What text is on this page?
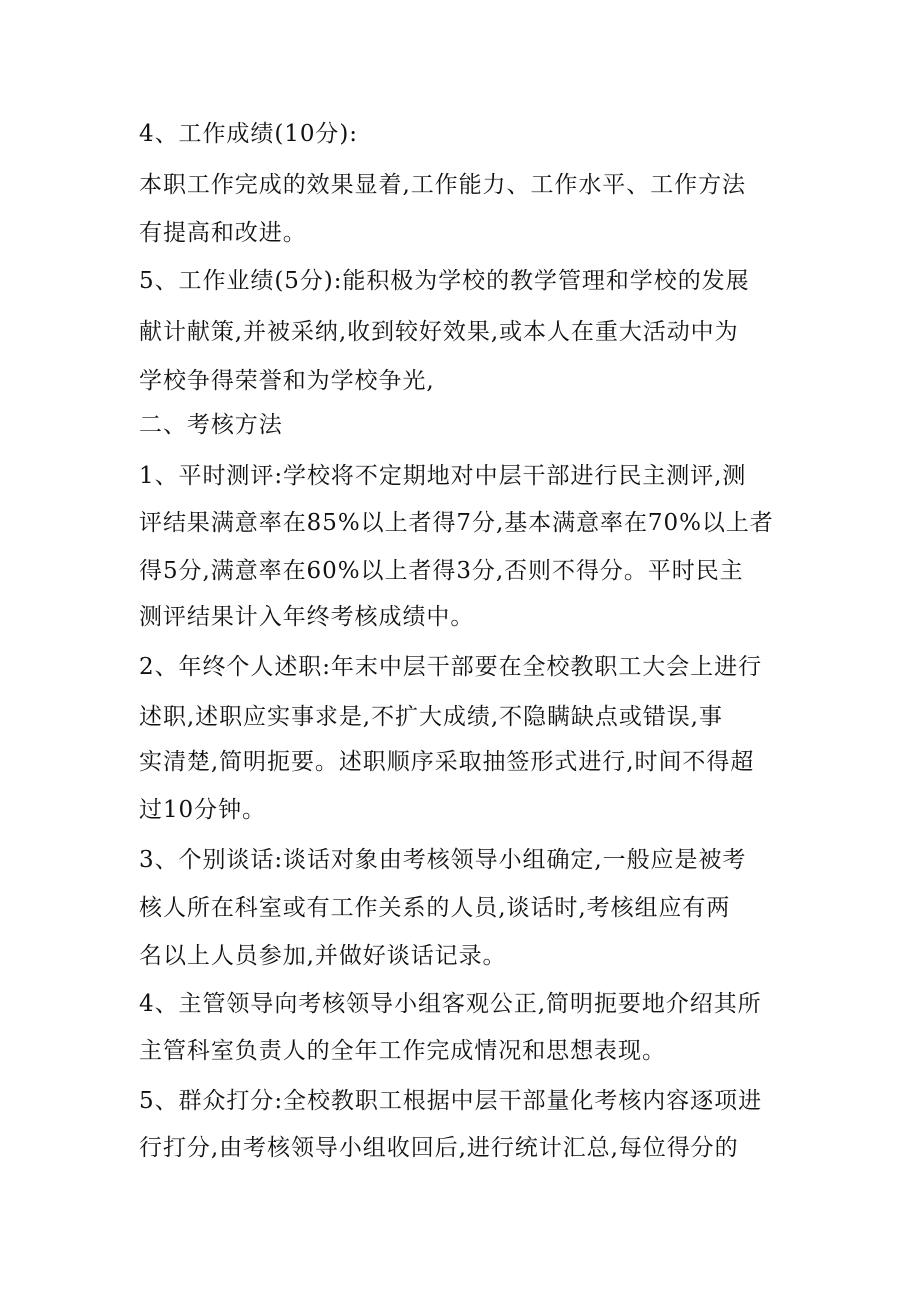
4、工作成绩(10分):
本职工作完成的效果显着,工作能力、工作水平、工作方法
有提高和改进。
5、工作业绩(5分):能积极为学校的教学管理和学校的发展
献计献策,并被采纳,收到较好效果,或本人在重大活动中为
学校争得荣誉和为学校争光,
二、考核方法
1、平时测评:学校将不定期地对中层干部进行民主测评,测
评结果满意率在85%以上者得7分,基本满意率在70%以上者
得5分,满意率在60%以上者得3分,否则不得分。平时民主
测评结果计入年终考核成绩中。
2、年终个人述职:年末中层干部要在全校教职工大会上进行
述职,述职应实事求是,不扩大成绩,不隐瞒缺点或错误,事
实清楚,简明扼要。述职顺序采取抽签形式进行,时间不得超
过10分钟。
3、个别谈话:谈话对象由考核领导小组确定,一般应是被考
核人所在科室或有工作关系的人员,谈话时,考核组应有两
名以上人员参加,并做好谈话记录。
4、主管领导向考核领导小组客观公正,简明扼要地介绍其所
主管科室负责人的全年工作完成情况和思想表现。
5、群众打分:全校教职工根据中层干部量化考核内容逐项进
行打分,由考核领导小组收回后,进行统计汇总,每位得分的
